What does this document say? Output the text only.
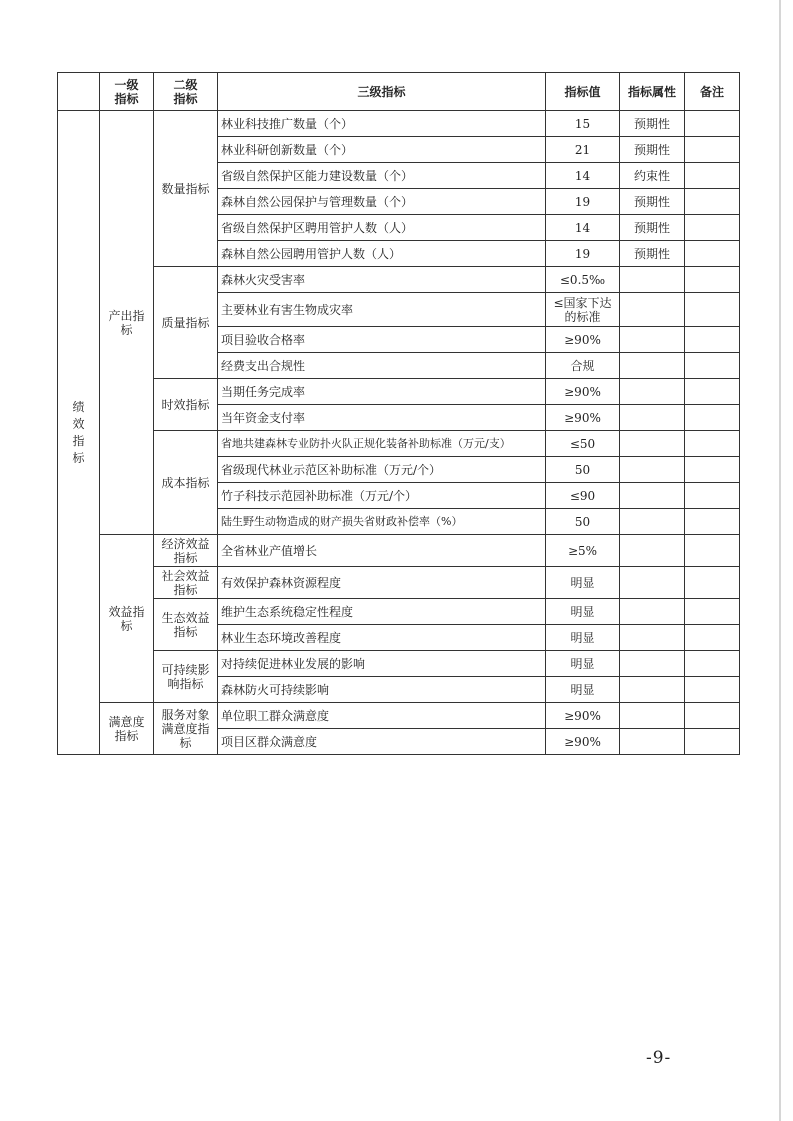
	一级指标	二级指标	三级指标	指标值	指标属性	备注

绩效指标	产出指标	数量指标	林业科技推广数量（个）	15	预期性	
			林业科研创新数量（个）	21	预期性	
			省级自然保护区能力建设数量（个）	14	约束性	
			森林自然公园保护与管理数量（个）	19	预期性	
			省级自然保护区聘用管护人数（人）	14	预期性	
			森林自然公园聘用管护人数（人）	19	预期性	
		质量指标	森林火灾受害率	≤0.5‰		
			主要林业有害生物成灾率	≤国家下达的标准		

			项目验收合格率	≥90%		
			经费支出合规性	合规		
		时效指标	当期任务完成率	≥90%		
			当年资金支付率	≥90%		
		成本指标	省地共建森林专业防扑火队正规化装备补助标准（万元/支）	≤50		
			省级现代林业示范区补助标准（万元/个）	50		
			竹子科技示范园补助标准（万元/个）	≤90		
			陆生野生动物造成的财产损失省财政补偿率（%）	50		
	效益指标	经济效益指标	全省林业产值增长	≥5%		

		社会效益指标	有效保护森林资源程度	明显		

		生态效益指标	维护生态系统稳定性程度	明显		
			林业生态环境改善程度	明显		

		可持续影响指标	对持续促进林业发展的影响	明显		
			森林防火可持续影响	明显		

	满意度指标	服务对象满意度指标	单位职工群众满意度	≥90%		
			项目区群众满意度	≥90%		
-9-
